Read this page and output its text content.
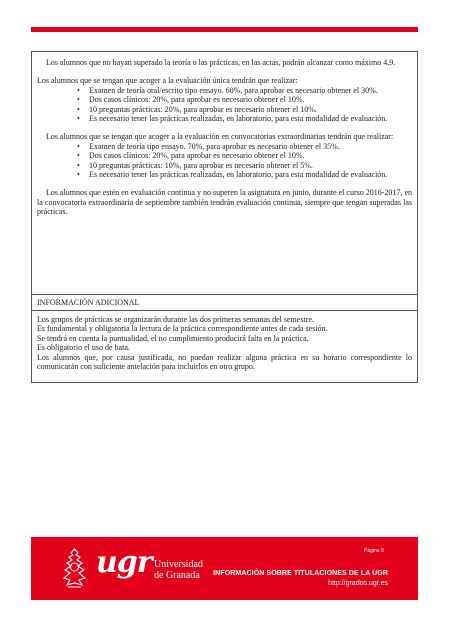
Los alumnos que no hayan superado la teoría o las prácticas, en las actas, podrán alcanzar como máximo 4,9.

Los alumnos que se tengan que acoger a la evaluación única tendrán que realizar:

• Examen de teoría oral/escrito tipo ensayo. 60%, para aprobar es necesario obtener el 30%.
• Dos casos clínicos: 20%, para aprobar es necesario obtener el 10%.
• 10 preguntas prácticas: 20%, para aprobar es necesario obtener el 10%.
• Es necesario tener las prácticas realizadas, en laboratorio, para esta modalidad de evaluación.

Los alumnos que se tengan que acoger a la evaluación en convocatorias extraordinarias tendrán que realizar:

• Examen de teoría tipo ensayo. 70%, para aprobar es necesario obtener el 35%.
• Dos casos clínicos: 20%, para aprobar es necesario obtener el 10%.
• 10 preguntas prácticas: 10%, para aprobar es necesario obtener el 5%.
• Es necesario tener las prácticas realizadas, en laboratorio, para esta modalidad de evaluación.

Los alumnos que estén en evaluación continua y no superen la asignatura en junio, durante el curso 2016-2017, en la convocatoria extraordinaria de septiembre también tendrán evaluación continua, siempre que tengan superadas las prácticas.

INFORMACIÓN ADICIONAL

Los grupos de prácticas se organizarán durante las dos primeras semanas del semestre.

Es fundamental y obligatoria la lectura de la práctica correspondiente antes de cada sesión.

Se tendrá en cuenta la puntualidad, el no cumplimiento producirá falta en la práctica.

Es obligatorio el uso de bata.

Los alumnos que, por causa justificada, no puedan realizar alguna práctica en su horario correspondiente lo comunicarán con suficiente antelación para incluirlos en otro grupo.

ugr Universidad
de Granada
Página 9
INFORMACIÓN SOBRE TITULACIONES DE LA UGR
http://grados.ugr.es
